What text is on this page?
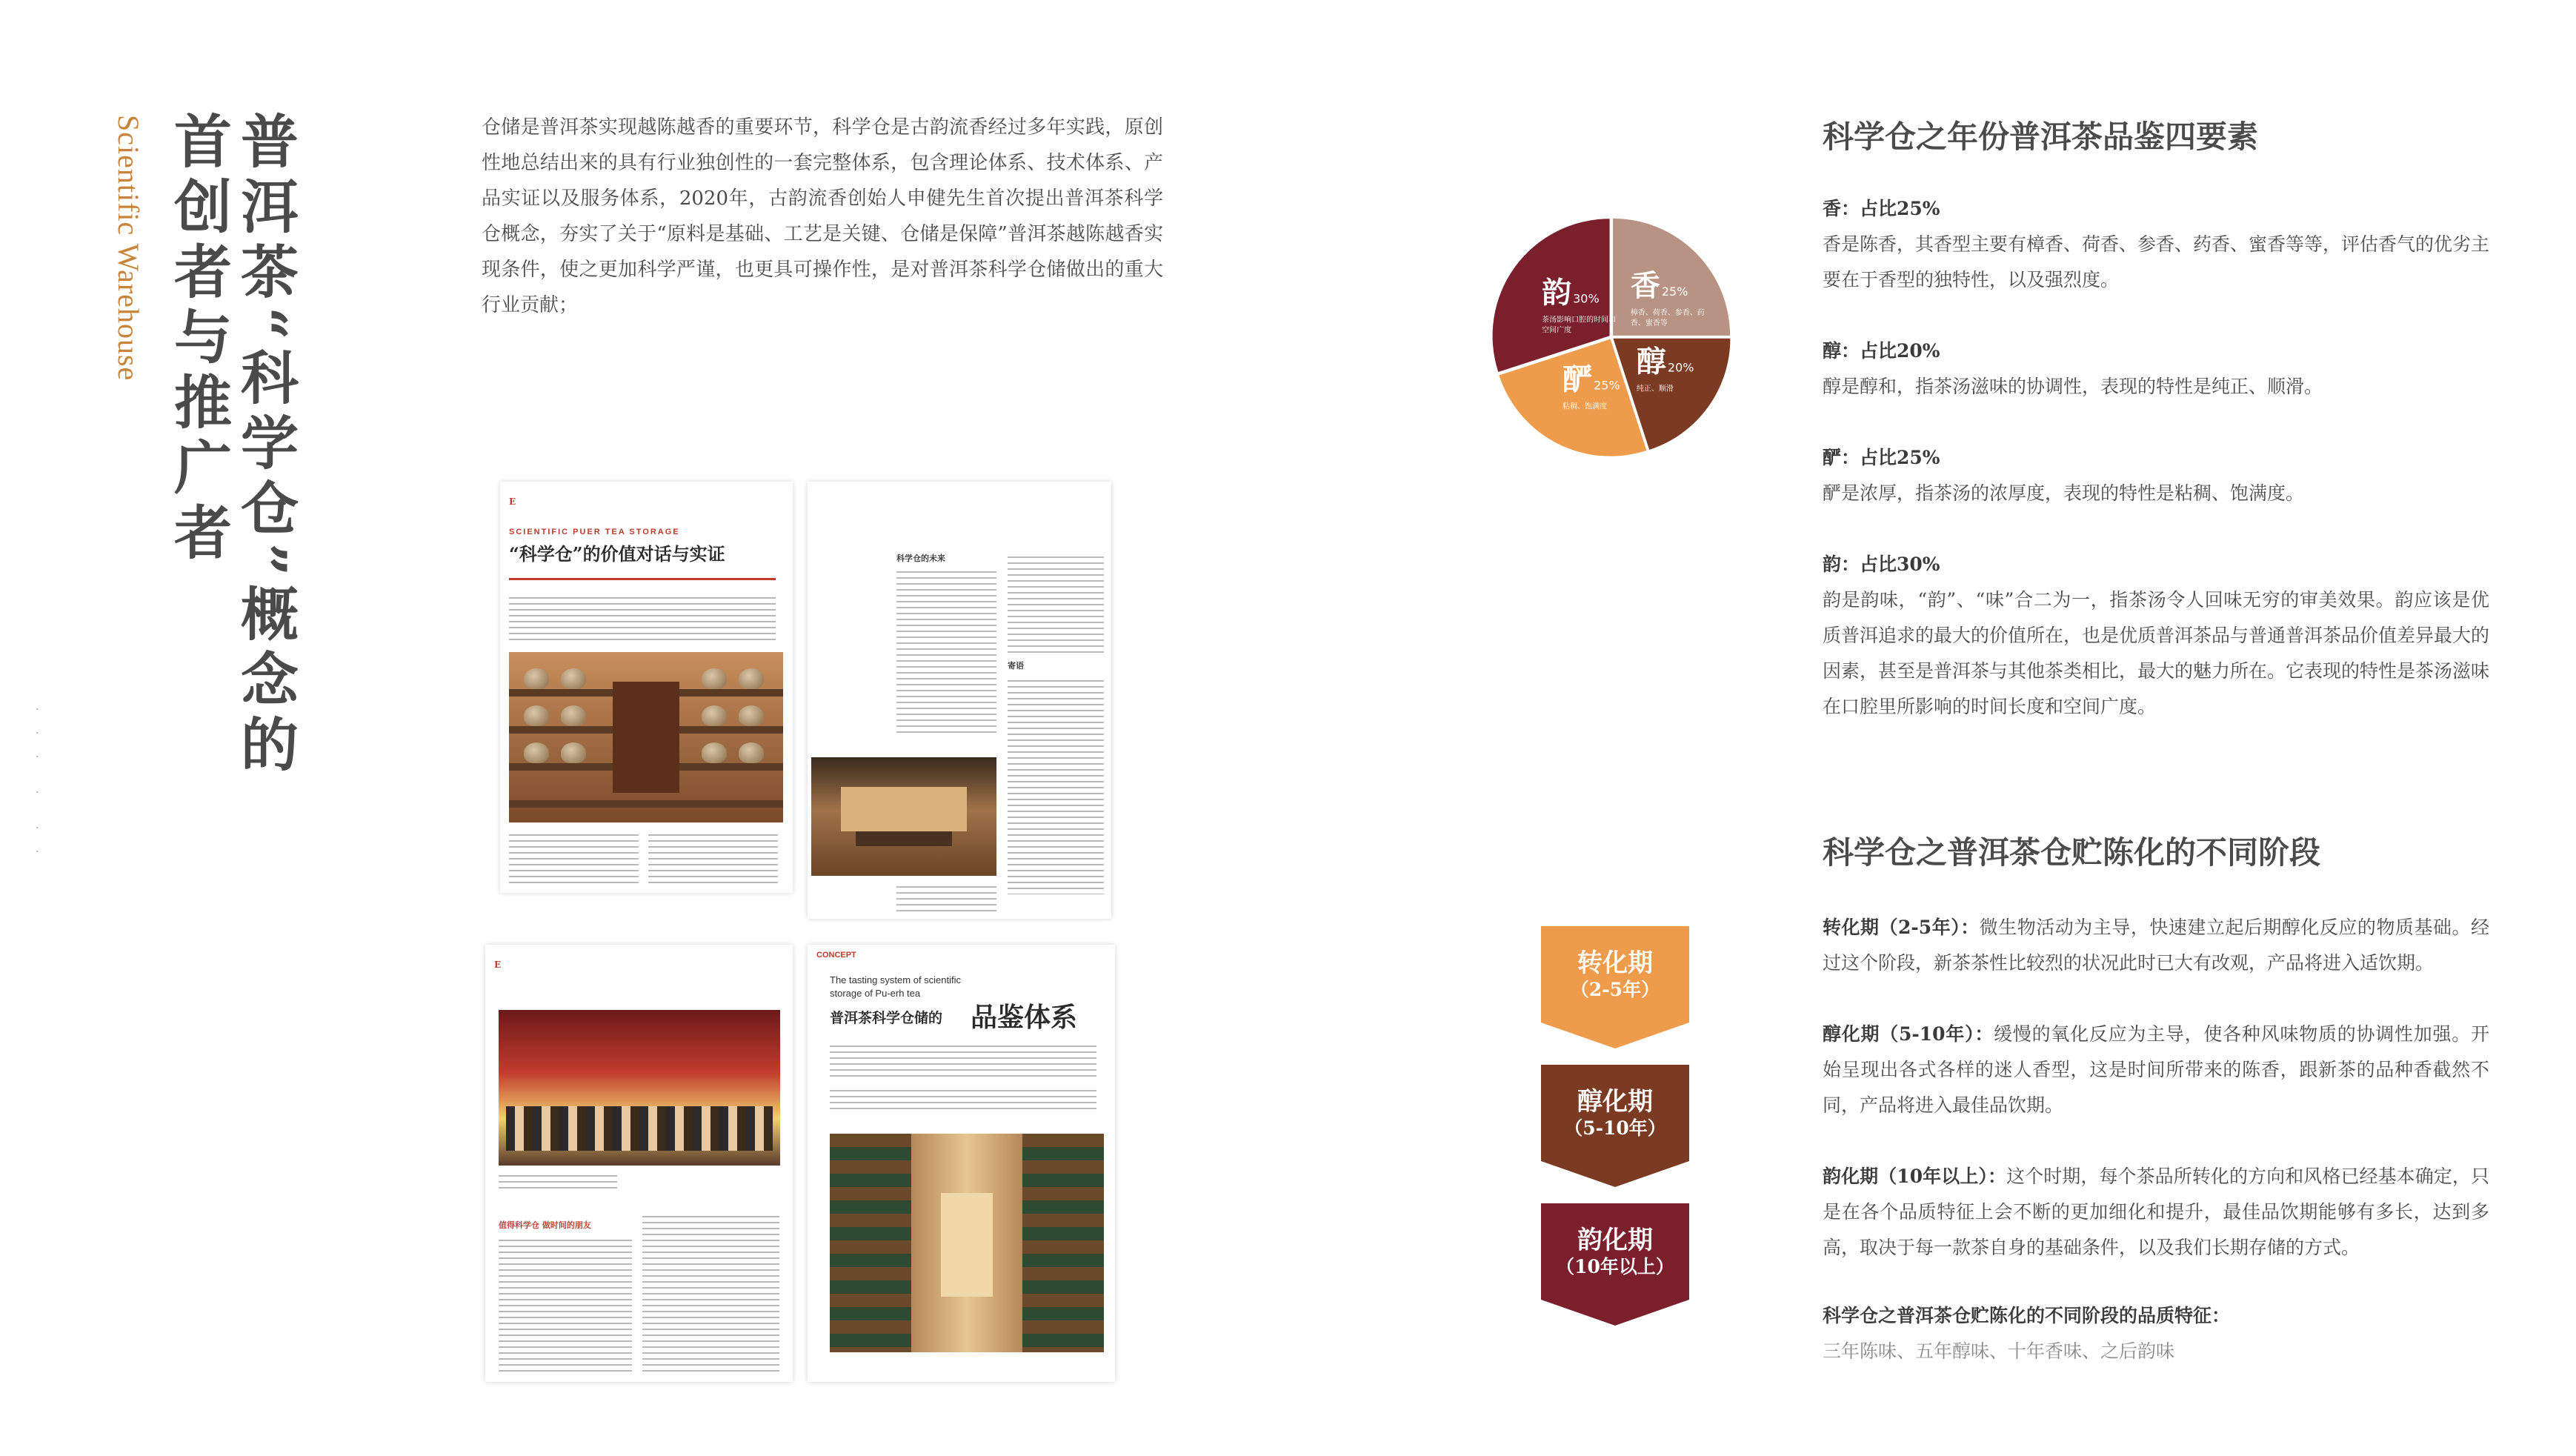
普洱茶“科学仓”概念的
首创者与推广者
Scientific Warehouse
·

·

·

·

·

·
仓储是普洱茶实现越陈越香的重要环节，科学仓是古韵流香经过多年实践，原创性地总结出来的具有行业独创性的一套完整体系，包含理论体系、技术体系、产品实证以及服务体系，2020年，古韵流香创始人申健先生首次提出普洱茶科学仓概念，夯实了关于“原料是基础、工艺是关键、仓储是保障”普洱茶越陈越香实现条件，使之更加科学严谨，也更具可操作性，是对普洱茶科学仓储做出的重大行业贡献；
E
SCIENTIFIC PUER TEA STORAGE
“科学仓”的价值对话与实证	科学仓的未来
寄语
E
值得科学仓 做时间的朋友
CONCEPT
The tasting system of scientific
storage of Pu-erh tea
普洱茶科学仓储的 品鉴体系
香 25%
樟香、荷香、参香、药
香、蜜香等
醇 20%
纯正、顺滑
酽 25%
粘稠、饱满度
韵 30%
茶汤影响口腔的时间和
空间广度
科学仓之年份普洱茶品鉴四要素
香：占比25%
香是陈香，其香型主要有樟香、荷香、参香、药香、蜜香等等，评估香气的优劣主要在于香型的独特性，以及强烈度。
醇：占比20%
醇是醇和，指茶汤滋味的协调性，表现的特性是纯正、顺滑。
酽：占比25%
酽是浓厚，指茶汤的浓厚度，表现的特性是粘稠、饱满度。
韵：占比30%
韵是韵味，“韵”、“味”合二为一，指茶汤令人回味无穷的审美效果。韵应该是优质普洱追求的最大的价值所在，也是优质普洱茶品与普通普洱茶品价值差异最大的因素，甚至是普洱茶与其他茶类相比，最大的魅力所在。它表现的特性是茶汤滋味在口腔里所影响的时间长度和空间广度。
科学仓之普洱茶仓贮陈化的不同阶段
转化期（2-5年）：微生物活动为主导，快速建立起后期醇化反应的物质基础。经过这个阶段，新茶茶性比较烈的状况此时已大有改观，产品将进入适饮期。
醇化期（5-10年）：缓慢的氧化反应为主导，使各种风味物质的协调性加强。开始呈现出各式各样的迷人香型，这是时间所带来的陈香，跟新茶的品种香截然不同，产品将进入最佳品饮期。
韵化期（10年以上）：这个时期，每个茶品所转化的方向和风格已经基本确定，只是在各个品质特征上会不断的更加细化和提升，最佳品饮期能够有多长，达到多高，取决于每一款茶自身的基础条件，以及我们长期存储的方式。
科学仓之普洱茶仓贮陈化的不同阶段的品质特征：
三年陈味、五年醇味、十年香味、之后韵味
转化期
（2-5年）
醇化期
（5-10年）
韵化期
（10年以上）
